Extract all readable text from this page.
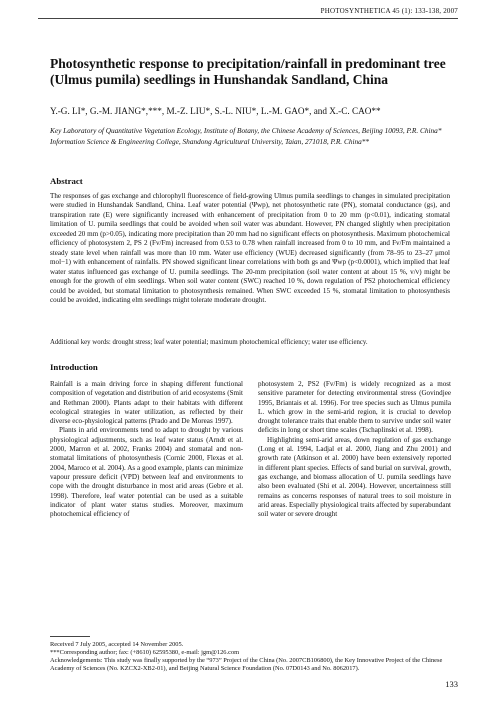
PHOTOSYNTHETICA 45 (1): 133-138, 2007
Photosynthetic response to precipitation/rainfall in predominant tree (Ulmus pumila) seedlings in Hunshandak Sandland, China
Y.-G. LI*, G.-M. JIANG*,***, M.-Z. LIU*, S.-L. NIU*, L.-M. GAO*, and X.-C. CAO**
Key Laboratory of Quantitative Vegetation Ecology, Institute of Botany, the Chinese Academy of Sciences, Beijing 10093, P.R. China*
Information Science & Engineering College, Shandong Agricultural University, Taian, 271018, P.R. China**
Abstract
The responses of gas exchange and chlorophyll fluorescence of field-growing Ulmus pumila seedlings to changes in simulated precipitation were studied in Hunshandak Sandland, China. Leaf water potential (Ψwp), net photosynthetic rate (PN), stomatal conductance (gs), and transpiration rate (E) were significantly increased with enhancement of precipitation from 0 to 20 mm (p<0.01), indicating stomatal limitation of U. pumila seedlings that could be avoided when soil water was abundant. However, PN changed slightly when precipitation exceeded 20 mm (p>0.05), indicating more precipitation than 20 mm had no significant effects on photosynthesis. Maximum photochemical efficiency of photosystem 2, PS 2 (Fv/Fm) increased from 0.53 to 0.78 when rainfall increased from 0 to 10 mm, and Fv/Fm maintained a steady state level when rainfall was more than 10 mm. Water use efficiency (WUE) decreased significantly (from 78–95 to 23–27 μmol mol−1) with enhancement of rainfalls. PN showed significant linear correlations with both gs and Ψwp (p<0.0001), which implied that leaf water status influenced gas exchange of U. pumila seedlings. The 20-mm precipitation (soil water content at about 15 %, v/v) might be enough for the growth of elm seedlings. When soil water content (SWC) reached 10 %, down regulation of PS2 photochemical efficiency could be avoided, but stomatal limitation to photosynthesis remained. When SWC exceeded 15 %, stomatal limitation to photosynthesis could be avoided, indicating elm seedlings might tolerate moderate drought.
Additional key words: drought stress; leaf water potential; maximum photochemical efficiency; water use efficiency.
Introduction

Rainfall is a main driving force in shaping different functional composition of vegetation and distribution of arid ecosystems (Smit and Rethman 2000). Plants adapt to their habitats with different ecological strategies in water utilization, as reflected by their diverse eco-physiological patterns (Prado and De Moreas 1997).

Plants in arid environments tend to adapt to drought by various physiological adjustments, such as leaf water status (Arndt et al. 2000, Marron et al. 2002, Franks 2004) and stomatal and non-stomatal limitations of photosynthesis (Cornic 2000, Flexas et al. 2004, Maroco et al. 2004). As a good example, plants can minimize vapour pressure deficit (VPD) between leaf and environments to cope with the drought disturbance in most arid areas (Gebre et al. 1998). Therefore, leaf water potential can be used as a suitable indicator of plant water status studies. Moreover, maximum photochemical efficiency of

photosystem 2, PS2 (Fv/Fm) is widely recognized as a most sensitive parameter for detecting environmental stress (Govindjee 1995, Briantais et al. 1996). For tree species such as Ulmus pumila L. which grow in the semi-arid region, it is crucial to develop drought tolerance traits that enable them to survive under soil water deficits in long or short time scales (Tschaplinski et al. 1998).

Highlighting semi-arid areas, down regulation of gas exchange (Long et al. 1994, Ladjal et al. 2000, Jiang and Zhu 2001) and growth rate (Atkinson et al. 2000) have been extensively reported in different plant species. Effects of sand burial on survival, growth, gas exchange, and biomass allocation of U. pumila seedlings have also been evaluated (Shi et al. 2004). However, uncertainness still remains as concerns responses of natural trees to soil moisture in arid areas. Especially physiological traits affected by superabundant soil water or severe drought

Received 7 July 2005, accepted 14 November 2005.

***Corresponding author; fax: (+8610) 62595380, e-mail: jgm@126.com

Acknowledgements: This study was finally supported by the “973” Project of the China (No. 2007CB106800), the Key Innovative Project of the Chinese Academy of Sciences (No. KZCX2-XB2-01), and Beijing Natural Science Foundation (No. 07D0143 and No. 8062017).

133
